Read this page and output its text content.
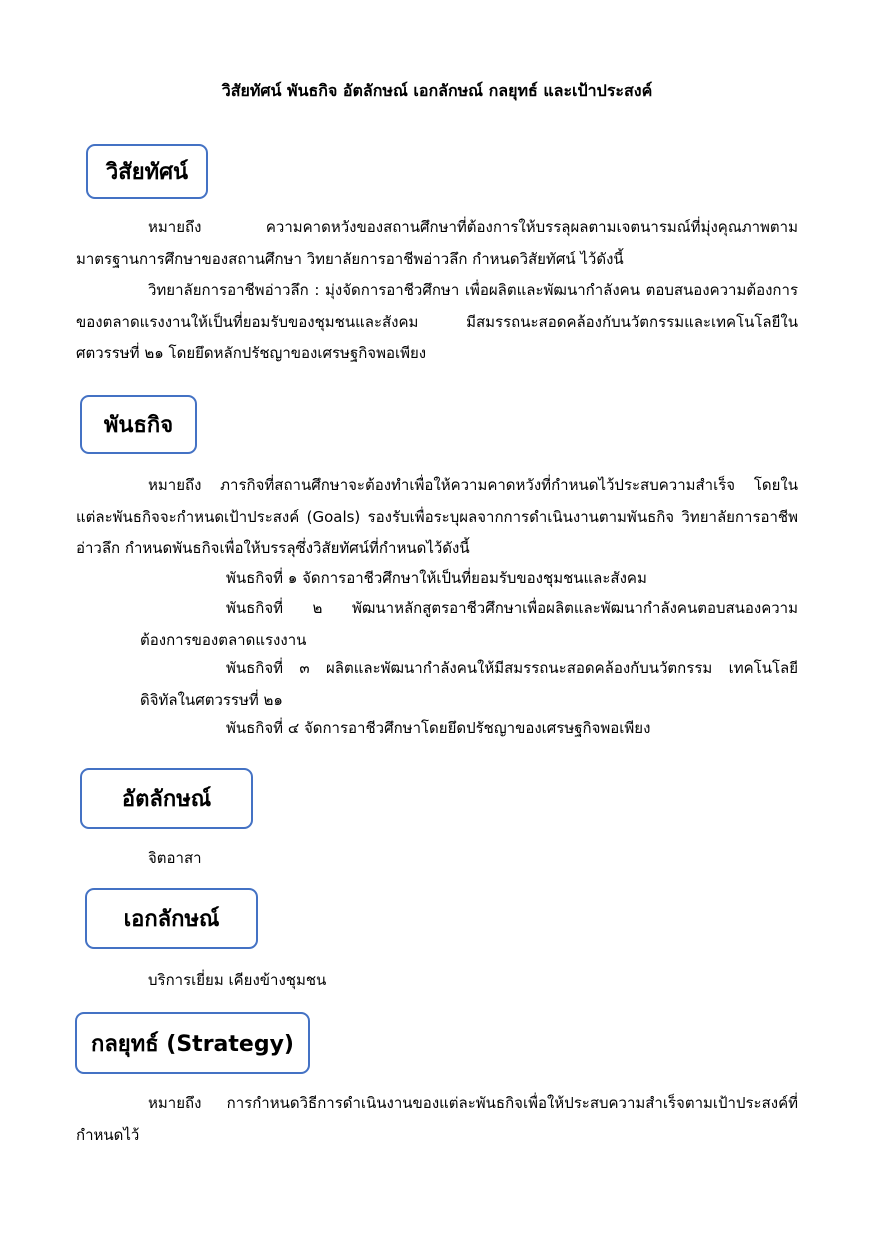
วิสัยทัศน์ พันธกิจ อัตลักษณ์ เอกลักษณ์ กลยุทธ์ และเป้าประสงค์
วิสัยทัศน์
หมายถึง ความคาดหวังของสถานศึกษาที่ต้องการให้บรรลุผลตามเจตนารมณ์ที่มุ่งคุณภาพตามมาตรฐานการศึกษาของสถานศึกษา วิทยาลัยการอาชีพอ่าวลึก กำหนดวิสัยทัศน์ ไว้ดังนี้
วิทยาลัยการอาชีพอ่าวลึก : มุ่งจัดการอาชีวศึกษา เพื่อผลิตและพัฒนากำลังคน ตอบสนองความต้องการของตลาดแรงงานให้เป็นที่ยอมรับของชุมชนและสังคม มีสมรรถนะสอดคล้องกับนวัตกรรมและเทคโนโลยีในศตวรรษที่ ๒๑ โดยยึดหลักปรัชญาของเศรษฐกิจพอเพียง
พันธกิจ
หมายถึง ภารกิจที่สถานศึกษาจะต้องทำเพื่อให้ความคาดหวังที่กำหนดไว้ประสบความสำเร็จ โดยในแต่ละพันธกิจจะกำหนดเป้าประสงค์ (Goals) รองรับเพื่อระบุผลจากการดำเนินงานตามพันธกิจ วิทยาลัยการอาชีพอ่าวลึก กำหนดพันธกิจเพื่อให้บรรลุซึ่งวิสัยทัศน์ที่กำหนดไว้ดังนี้
พันธกิจที่ ๑ จัดการอาชีวศึกษาให้เป็นที่ยอมรับของชุมชนและสังคม
พันธกิจที่ ๒ พัฒนาหลักสูตรอาชีวศึกษาเพื่อผลิตและพัฒนากำลังคนตอบสนองความต้องการของตลาดแรงงาน
พันธกิจที่ ๓ ผลิตและพัฒนากำลังคนให้มีสมรรถนะสอดคล้องกับนวัตกรรม เทคโนโลยีดิจิทัลในศตวรรษที่ ๒๑
พันธกิจที่ ๔ จัดการอาชีวศึกษาโดยยึดปรัชญาของเศรษฐกิจพอเพียง
อัตลักษณ์
จิตอาสา
เอกลักษณ์
บริการเยี่ยม เคียงข้างชุมชน
กลยุทธ์ (Strategy)
หมายถึง การกำหนดวิธีการดำเนินงานของแต่ละพันธกิจเพื่อให้ประสบความสำเร็จตามเป้าประสงค์ที่กำหนดไว้
